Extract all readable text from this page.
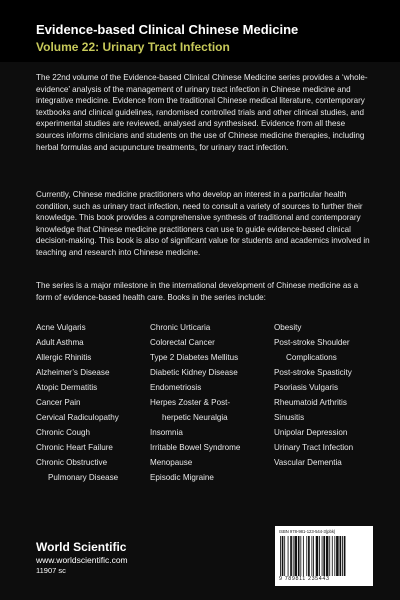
Evidence-based Clinical Chinese Medicine
Volume 22: Urinary Tract Infection
The 22nd volume of the Evidence-based Clinical Chinese Medicine series provides a ‘whole-evidence’ analysis of the management of urinary tract infection in Chinese medicine and integrative medicine. Evidence from the traditional Chinese medical literature, contemporary textbooks and clinical guidelines, randomised controlled trials and other clinical studies, and experimental studies are reviewed, analysed and synthesised. Evidence from all these sources informs clinicians and students on the use of Chinese medicine therapies, including herbal formulas and acupuncture treatments, for urinary tract infection.
Currently, Chinese medicine practitioners who develop an interest in a particular health condition, such as urinary tract infection, need to consult a variety of sources to further their knowledge. This book provides a comprehensive synthesis of traditional and contemporary knowledge that Chinese medicine practitioners can use to guide evidence-based clinical decision-making. This book is also of significant value for students and academics involved in teaching and research into Chinese medicine.
The series is a major milestone in the international development of Chinese medicine as a form of evidence-based health care. Books in the series include:
Acne Vulgaris
Adult Asthma
Allergic Rhinitis
Alzheimer’s Disease
Atopic Dermatitis
Cancer Pain
Cervical Radiculopathy
Chronic Cough
Chronic Heart Failure
Chronic Obstructive
Pulmonary Disease
Chronic Urticaria
Colorectal Cancer
Type 2 Diabetes Mellitus
Diabetic Kidney Disease
Endometriosis
Herpes Zoster & Post-
herpetic Neuralgia
Insomnia
Irritable Bowel Syndrome
Menopause
Episodic Migraine
Obesity
Post-stroke Shoulder
Complications
Post-stroke Spasticity
Psoriasis Vulgaris
Rheumatoid Arthritis
Sinusitis
Unipolar Depression
Urinary Tract Infection
Vascular Dementia
World Scientific
www.worldscientific.com
11907 sc
ISBN 978-981-123-544-3(pbk)
9 789811 235443
